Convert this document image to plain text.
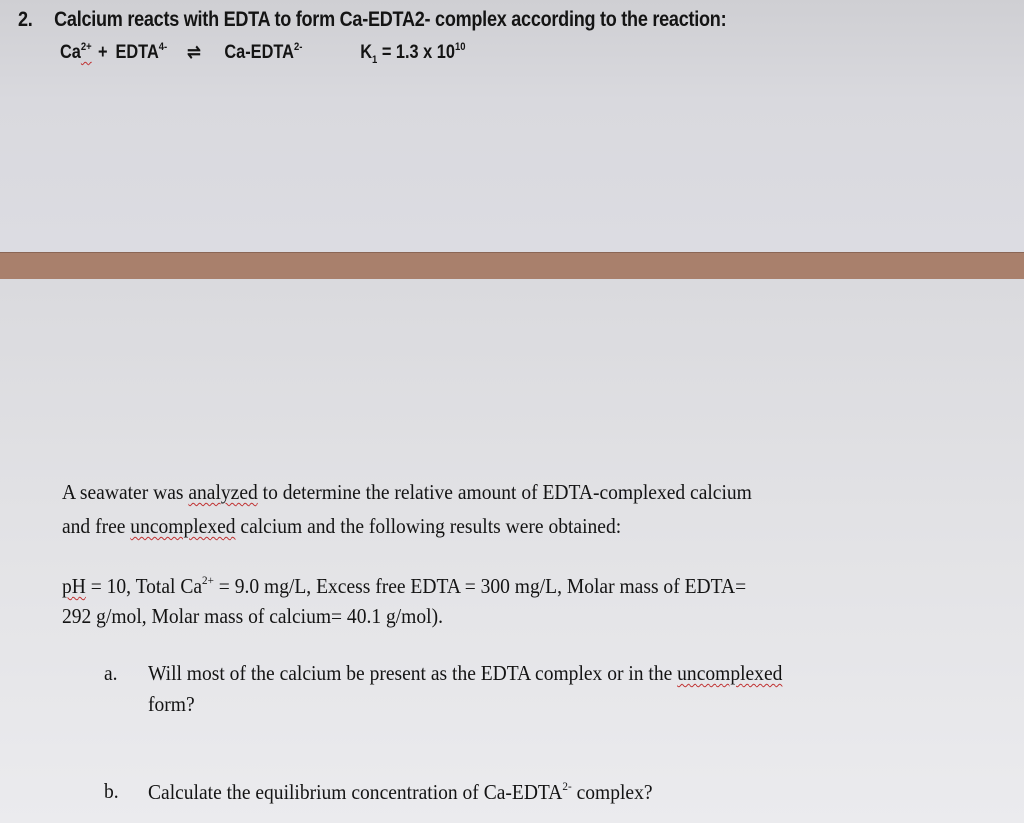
2. Calcium reacts with EDTA to form Ca-EDTA2- complex according to the reaction:
$Ca^{2+}$ + $EDTA^{4-}$ ⇌ $Ca-EDTA^{2-}$	$K_1 = 1.3$ x $10^{10}$
A seawater was analyzed to determine the relative amount of EDTA-complexed calcium
and free uncomplexed calcium and the following results were obtained:
pH = 10, Total $Ca^{2+} = 9.0$ mg/L, Excess free EDTA = 300 mg/L, Molar mass of EDTA=
292 g/mol, Molar mass of calcium= 40.1 g/mol).
a. Will most of the calcium be present as the EDTA complex or in the uncomplexed
form?
b. Calculate the equilibrium concentration of $Ca-EDTA^{2-}$ complex?
